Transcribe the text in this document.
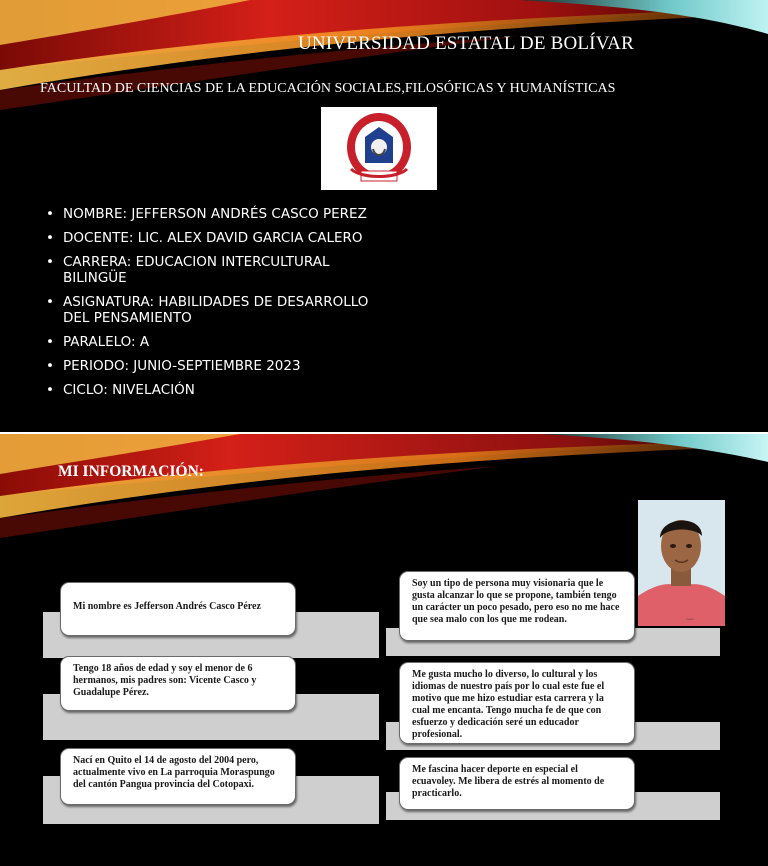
UNIVERSIDAD ESTATAL DE BOLÍVAR
FACULTAD DE CIENCIAS DE LA EDUCACIÓN SOCIALES,FILOSÓFICAS Y HUMANÍSTICAS
• NOMBRE: JEFFERSON ANDRÉS CASCO PEREZ
• DOCENTE: LIC. ALEX DAVID GARCIA CALERO
• CARRERA: EDUCACION INTERCULTURAL BILINGÜE
• ASIGNATURA: HABILIDADES DE DESARROLLO DEL PENSAMIENTO
• PARALELO: A
• PERIODO: JUNIO-SEPTIEMBRE 2023
• CICLO: NIVELACIÓN
MI INFORMACIÓN:
~~
Mi nombre es Jefferson Andrés Casco Pérez
Tengo 18 años de edad y soy el menor de 6 hermanos, mis padres son: Vicente Casco y Guadalupe Pérez.
Nací en Quito el 14 de agosto del 2004 pero, actualmente vivo en La parroquia Moraspungo del cantón Pangua provincia del Cotopaxi.
Soy un tipo de persona muy visionaria que le gusta alcanzar lo que se propone, también tengo un carácter un poco pesado, pero eso no me hace que sea malo con los que me rodean.
Me gusta mucho lo diverso, lo cultural y los idiomas de nuestro país por lo cual este fue el motivo que me hizo estudiar esta carrera y la cual me encanta. Tengo mucha fe de que con esfuerzo y dedicación seré un educador profesional.
Me fascina hacer deporte en especial el ecuavoley. Me libera de estrés al momento de practicarlo.
